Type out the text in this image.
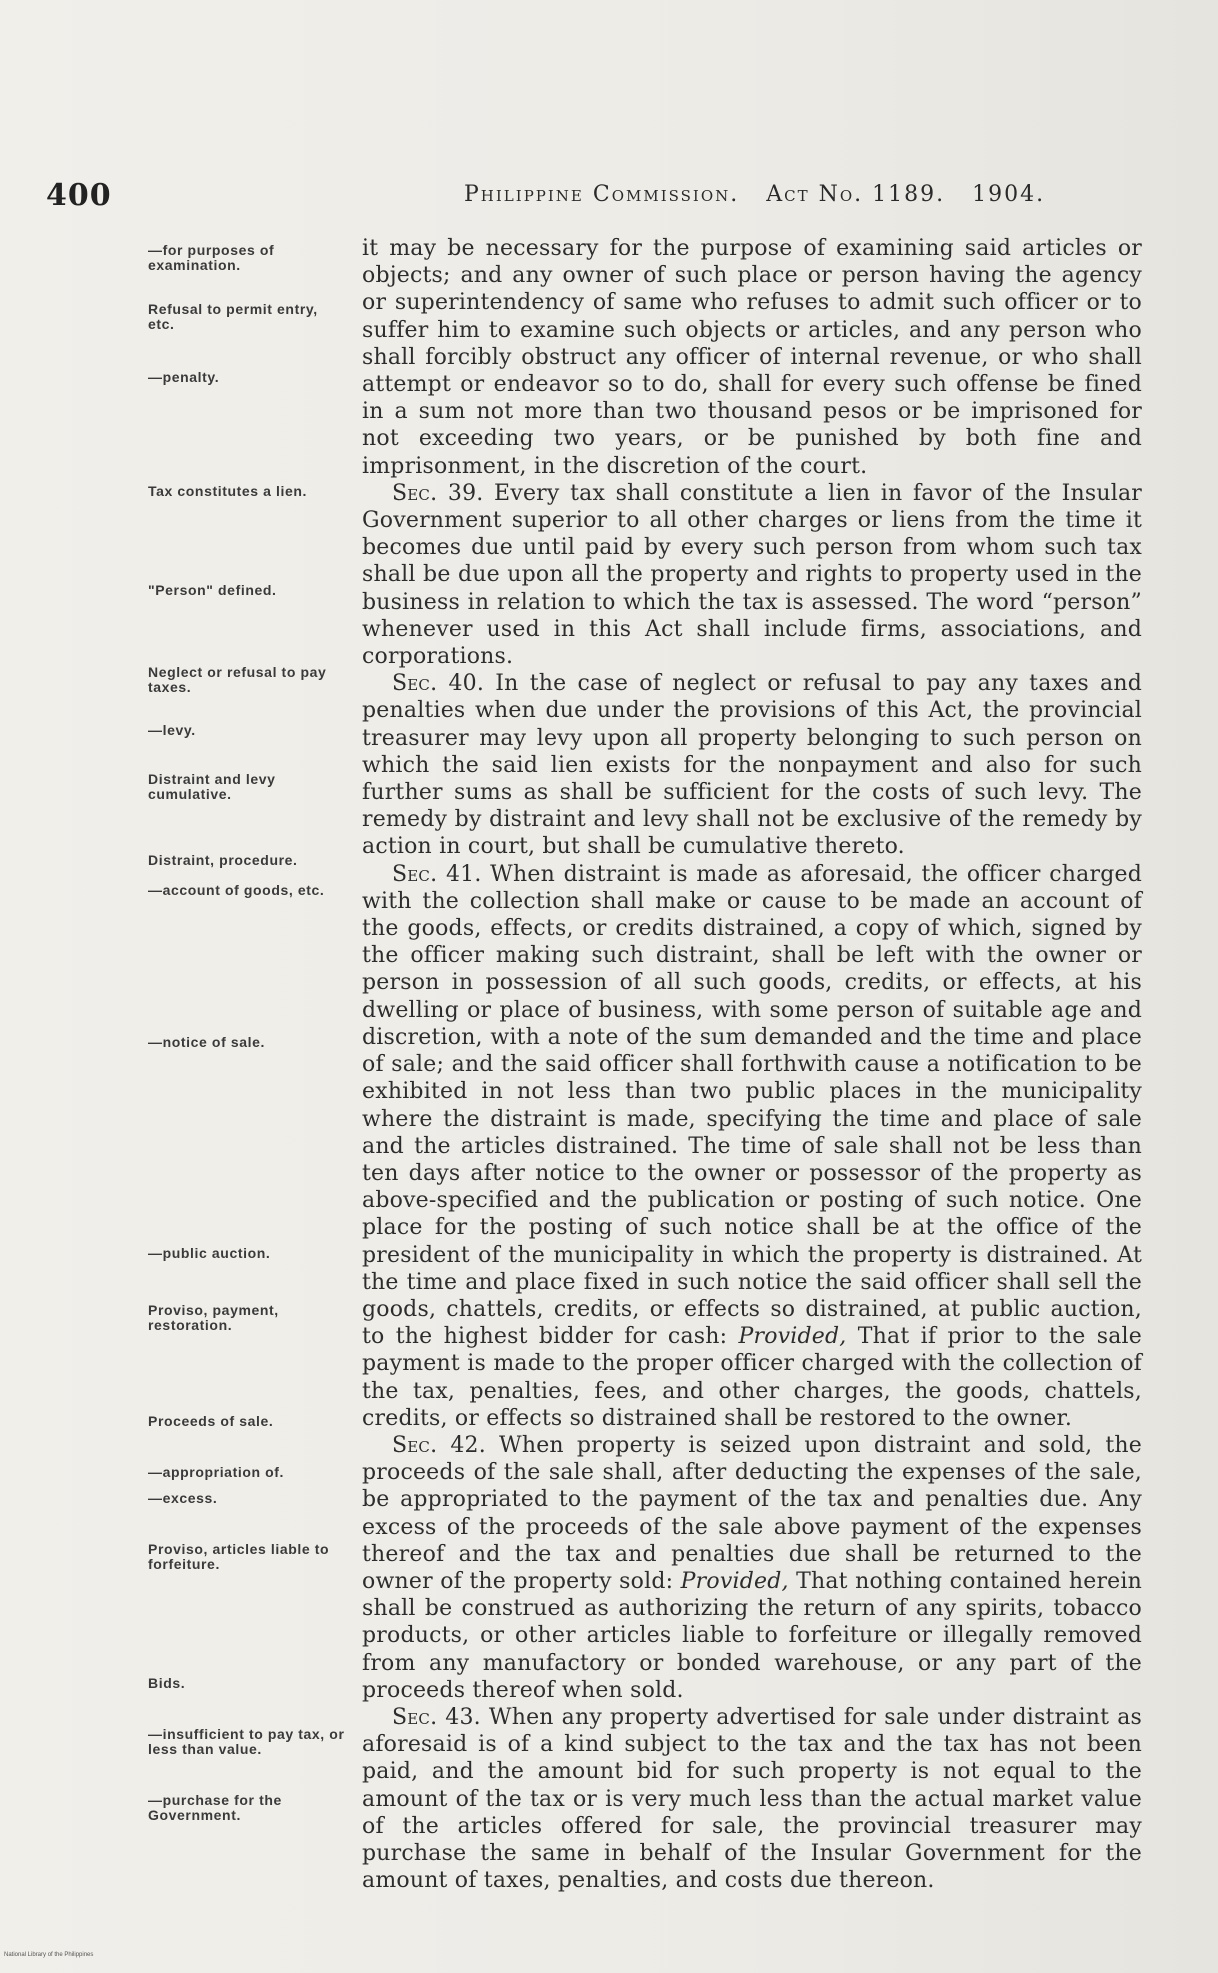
400	Philippine Commission. Act No. 1189. 1904.
—for purposes of examination.
Refusal to permit entry, etc.
—penalty.
Tax constitutes a lien.
"Person" defined.
Neglect or refusal to pay taxes.
—levy.
Distraint and levy cumulative.
Distraint, procedure.
—account of goods, etc.
—notice of sale.
—public auction.
Proviso, payment, restoration.
Proceeds of sale.
—appropriation of.
—excess.
Proviso, articles liable to forfeiture.
Bids.
—insufficient to pay tax, or less than value.
—purchase for the Government.

it may be necessary for the purpose of examining said articles or objects; and any owner of such place or person having the agency or superintendency of same who refuses to admit such officer or to suffer him to examine such objects or articles, and any person who shall forcibly obstruct any officer of internal revenue, or who shall attempt or endeavor so to do, shall for every such offense be fined in a sum not more than two thousand pesos or be imprisoned for not exceeding two years, or be punished by both fine and imprisonment, in the discretion of the court.

Sec. 39. Every tax shall constitute a lien in favor of the Insular Government superior to all other charges or liens from the time it becomes due until paid by every such person from whom such tax shall be due upon all the property and rights to property used in the business in relation to which the tax is assessed. The word “person” whenever used in this Act shall include firms, associations, and corporations.

Sec. 40. In the case of neglect or refusal to pay any taxes and penalties when due under the provisions of this Act, the provincial treasurer may levy upon all property belonging to such person on which the said lien exists for the nonpayment and also for such further sums as shall be sufficient for the costs of such levy. The remedy by distraint and levy shall not be exclusive of the remedy by action in court, but shall be cumulative thereto.

Sec. 41. When distraint is made as aforesaid, the officer charged with the collection shall make or cause to be made an account of the goods, effects, or credits distrained, a copy of which, signed by the officer making such distraint, shall be left with the owner or person in possession of all such goods, credits, or effects, at his dwelling or place of business, with some person of suitable age and discretion, with a note of the sum demanded and the time and place of sale; and the said officer shall forthwith cause a notification to be exhibited in not less than two public places in the municipality where the distraint is made, specifying the time and place of sale and the articles distrained. The time of sale shall not be less than ten days after notice to the owner or possessor of the property as above-specified and the publication or posting of such notice. One place for the posting of such notice shall be at the office of the president of the municipality in which the property is distrained. At the time and place fixed in such notice the said officer shall sell the goods, chattels, credits, or effects so distrained, at public auction, to the highest bidder for cash: Provided, That if prior to the sale payment is made to the proper officer charged with the collection of the tax, penalties, fees, and other charges, the goods, chattels, credits, or effects so distrained shall be restored to the owner.

Sec. 42. When property is seized upon distraint and sold, the proceeds of the sale shall, after deducting the expenses of the sale, be appropriated to the payment of the tax and penalties due. Any excess of the proceeds of the sale above payment of the expenses thereof and the tax and penalties due shall be returned to the owner of the property sold: Provided, That nothing contained herein shall be construed as authorizing the return of any spirits, tobacco products, or other articles liable to forfeiture or illegally removed from any manufactory or bonded warehouse, or any part of the proceeds thereof when sold.

Sec. 43. When any property advertised for sale under distraint as aforesaid is of a kind subject to the tax and the tax has not been paid, and the amount bid for such property is not equal to the amount of the tax or is very much less than the actual market value of the articles offered for sale, the provincial treasurer may purchase the same in behalf of the Insular Government for the amount of taxes, penalties, and costs due thereon.

National Library of the Philippines
